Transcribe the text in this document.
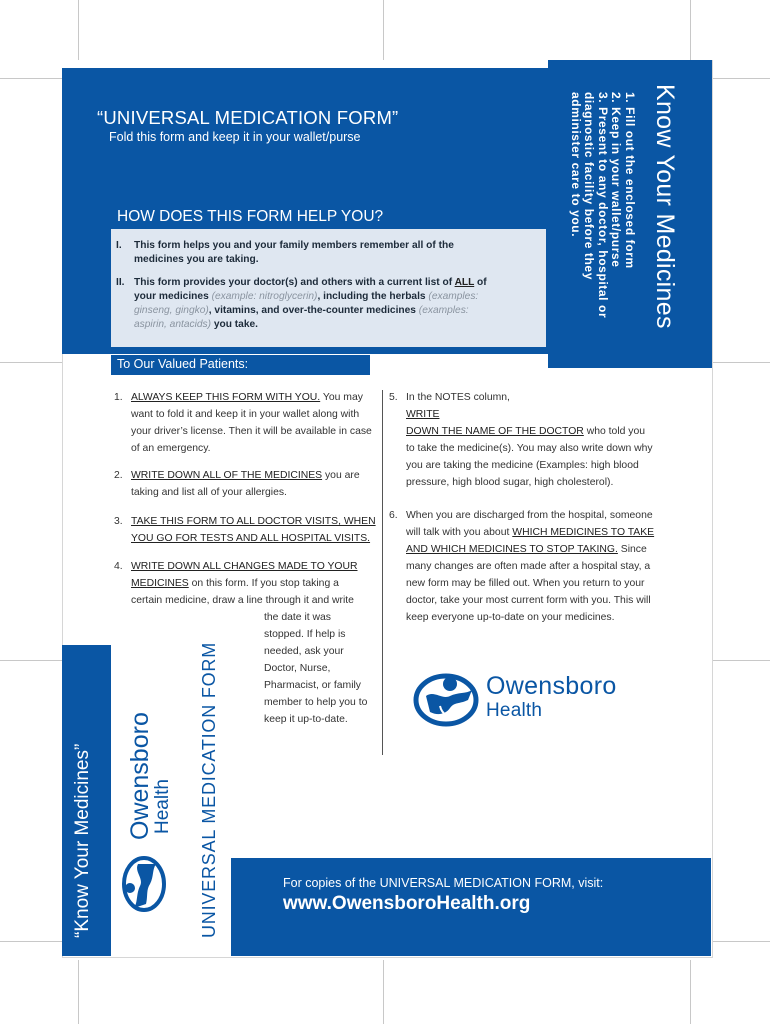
“UNIVERSAL MEDICATION FORM”
Fold this form and keep it in your wallet/purse
HOW DOES THIS FORM HELP YOU?
I. This form helps you and your family members remember all of the medicines you are taking.
II. This form provides your doctor(s) and others with a current list of ALL of your medicines (example: nitroglycerin), including the herbals (examples: ginseng, gingko), vitamins, and over-the-counter medicines (examples: aspirin, antacids) you take.	Know Your Medicines
1. Fill out the enclosed form
2. Keep in your wallet/purse
3. Present to any doctor, hospital or
diagnostic facility before they
administer care to you.
To Our Valued Patients:
1. ALWAYS KEEP THIS FORM WITH YOU. You may want to fold it and keep it in your wallet along with your driver’s license. Then it will be available in case of an emergency.
2. WRITE DOWN ALL OF THE MEDICINES you are taking and list all of your allergies.
3. TAKE THIS FORM TO ALL DOCTOR VISITS, WHEN YOU GO FOR TESTS AND ALL HOSPITAL VISITS.
4. WRITE DOWN ALL CHANGES MADE TO YOUR
MEDICINES on this form. If you stop taking a
certain medicine, draw a line through it and write
the date it was
stopped. If help is
needed, ask your
Doctor, Nurse,
Pharmacist, or family
member to help you to
keep it up-to-date.
5. In the NOTES column, WRITE
DOWN THE NAME OF THE DOCTOR who told you to take the medicine(s). You may also write down why you are taking the medicine (Examples: high blood pressure, high blood sugar, high cholesterol).
6. When you are discharged from the hospital, someone will talk with you about WHICH MEDICINES TO TAKE AND WHICH MEDICINES TO STOP TAKING. Since many changes are often made after a hospital stay, a new form may be filled out. When you return to your doctor, take your most current form with you. This will keep everyone up-to-date on your medicines.
Owensboro
Health
“Know Your Medicines” Owensboro
Health UNIVERSAL MEDICATION FORM	For copies of the UNIVERSAL MEDICATION FORM, visit:
www.OwensboroHealth.org
